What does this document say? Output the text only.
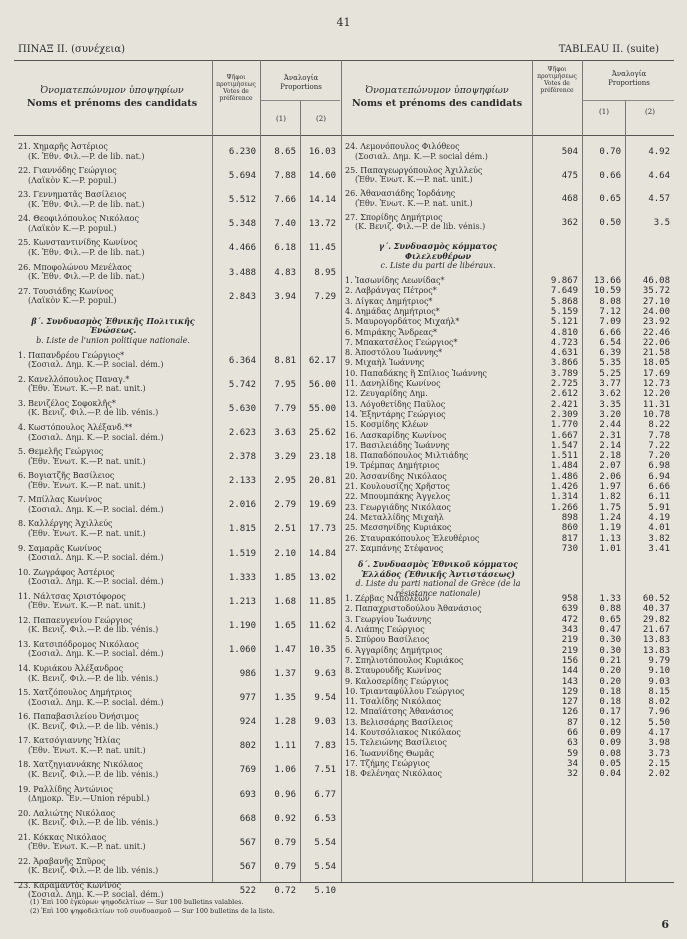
41
ΠΙΝΑΞ II. (συνέχεια)	TABLEAU II. (suite)
Ὀνοματεπώνυμον ὑποψηφίων
Noms et prénoms des candidats
Ψῆφοι προτιμήσεως
Votes de préférence
Ἀναλογία
Proportions
(1)	(2)
Ὀνοματεπώνυμον ὑποψηφίων
Noms et prénoms des candidats
Ψῆφοι προτιμήσεως
Votes de préférence
Ἀναλογία
Proportions
(1)	(2)
(1) Ἐπὶ 100 ἐγκύρων ψηφοδελτίων — Sur 100 bulletins valables.
(2) Ἐπὶ 100 ψηφοδελτίων τοῦ συνδυασμοῦ — Sur 100 bulletins de la liste.
6
21. Χημαρῆς Ἀστέριος
(Κ. Ἐθν. Φιλ.—P. de lib. nat.)	6.230	8.65	16.03
22. Γιαννόδης Γεώργιος
(Λαϊκὸν Κ.—P. popul.)	5.694	7.88	14.60
23. Γεννηματᾶς Βασίλειος
(Κ. Ἐθν. Φιλ.—P. de lib. nat.)	5.512	7.66	14.14
24. Θεοφιλόπουλος Νικόλαος
(Λαϊκὸν Κ.—P. popul.)	5.348	7.40	13.72
25. Κωνσταντινίδης Κωνίνος
(Κ. Ἐθν. Φιλ.—P. de lib. nat.)	4.466	6.18	11.45
26. Μποφολώνου Μενέλαος
(Κ. Ἐθν. Φιλ.—P. de lib. nat.)	3.488	4.83	8.95
27. Τουσιάδης Κωνίνος
(Λαϊκὸν Κ.—P. popul.)	2.843	3.94	7.29
β΄. Συνδυασμὸς Ἐθνικῆς Πολιτικῆς Ἑνώσεως.
b. Liste de l'union politique nationale.
1. Παπανδρέου Γεώργιος*
(Σοσιαλ. Δημ. Κ.—P. social. dém.)	6.364	8.81	62.17
2. Κανελλόπουλος Παναγ.*
(Ἐθν. Ἑνωτ. Κ.—P. nat. unit.)	5.742	7.95	56.00
3. Βενιζέλος Σοφοκλῆς*
(Κ. Βενιζ. Φιλ.—P. de lib. vénis.)	5.630	7.79	55.00
4. Κωστόπουλος Ἀλέξανδ.**
(Σοσιαλ. Δημ. Κ.—P. social. dém.)	2.623	3.63	25.62
5. Θεμελῆς Γεώργιος
(Ἐθν. Ἑνωτ. Κ.—P. nat. unit.)	2.378	3.29	23.18
6. Βογιατζῆς Βασίλειος
(Ἐθν. Ἑνωτ. Κ.—P. nat. unit.)	2.133	2.95	20.81
7. Μπίλλας Κωνίνος
(Σοσιαλ. Δημ. Κ.—P. social. dém.)	2.016	2.79	19.69
8. Καλλέργης Ἀχιλλεύς
(Ἐθν. Ἑνωτ. Κ.—P. nat. unit.)	1.815	2.51	17.73
9. Σαμαρᾶς Κωνίνος
(Σοσιαλ. Δημ. Κ.—P. social. dém.)	1.519	2.10	14.84
10. Ζωγράφος Ἀστέριος
(Σοσιαλ. Δημ. Κ.—P. social. dém.)	1.333	1.85	13.02
11. Νάλτσας Χριστόφορος
(Ἐθν. Ἑνωτ. Κ.—P. nat. unit.)	1.213	1.68	11.85
12. Παπαευγενίου Γεώργιος
(Κ. Βενιζ. Φιλ.—P. de lib. vénis.)	1.190	1.65	11.62
13. Κατσιπόδρομος Νικόλαος
(Σοσιαλ. Δημ. Κ.—P. social. dém.)	1.060	1.47	10.35
14. Κυριάκου Ἀλέξανδρος
(Κ. Βενιζ. Φιλ.—P. de lib. vénis.)	986	1.37	9.63
15. Χατζόπουλος Δημήτριος
(Σοσιαλ. Δημ. Κ.—P. social. dém.)	977	1.35	9.54
16. Παπαβασιλείου Ὀνήσιμος
(Κ. Βενιζ. Φιλ.—P. de lib. vénis.)	924	1.28	9.03
17. Κατσόγιαννης Ἠλίας
(Ἐθν. Ἑνωτ. Κ.—P. nat. unit.)	802	1.11	7.83
18. Χατζηγιαννάκης Νικόλαος
(Κ. Βενιζ. Φιλ.—P. de lib. vénis.)	769	1.06	7.51
19. Ραλλίδης Ἀντώνιος
(Δημοκρ. Ἕν.—Union républ.)	693	0.96	6.77
20. Λαλιώτης Νικόλαος
(Κ. Βενιζ. Φιλ.—P. de lib. vénis.)	668	0.92	6.53
21. Κόκκας Νικόλαος
(Ἐθν. Ἑνωτ. Κ.—P. nat. unit.)	567	0.79	5.54
22. Ἀραβανῆς Σπῦρος
(Κ. Βενιζ. Φιλ.—P. de lib. vénis.)	567	0.79	5.54
23. Καραμαντὸς Κωνίνος
(Σοσιαλ. Δημ. Κ.—P. social. dém.)	522	0.72	5.10
24. Λεμονόπουλος Φιλόθεος
(Σοσιαλ. Δημ. Κ.—P. social dém.)	504	0.70	4.92
25. Παπαγεωργόπουλος Ἀχιλλεύς
(Ἐθν. Ἑνωτ. Κ.—P. nat. unit.)	475	0.66	4.64
26. Ἀθανασιάδης Ἰορδάνης
(Ἐθν. Ἑνωτ. Κ.—P. nat. unit.)	468	0.65	4.57
27. Σπορίδης Δημήτριος
(Κ. Βενιζ. Φιλ.—P. de lib. vénis.)	362	0.50	3.5
γ΄. Συνδυασμὸς κόμματος Φιλελευθέρων
c. Liste du parti de libéraux.
1. Ἰασωνίδης Λεωνίδας*	9.867	13.66	46.08
2. Λαβράνγας Πέτρος*	7.649	10.59	35.72
3. Δίγκας Δημήτριος*	5.868	8.08	27.10
4. Δημάδας Δημήτριος*	5.159	7.12	24.00
5. Μαυρογορδάτος Μιχαήλ*	5.121	7.09	23.92
6. Μπιράκης Ἄνδρεας*	4.810	6.66	22.46
7. Μπακατσέλος Γεώργιος*	4.723	6.54	22.06
8. Ἀποστόλου Ἰωάννης*	4.631	6.39	21.58
9. Μιχαὴλ Ἰωάννης	3.866	5.35	18.05
10. Παπαδάκης ἢ Σπίλιος Ἰωάννης	3.789	5.25	17.69
11. Δανηλίδης Κωνίνος	2.725	3.77	12.73
12. Ζευγαρίδης Δημ.	2.612	3.62	12.20
13. Λόγοθετίδης Παῦλος	2.421	3.35	11.31
14. Ἐξηντάρης Γεώργιος	2.309	3.20	10.78
15. Κοσμίδης Κλέων	1.770	2.44	8.22
16. Λασκαρίδης Κωνίνος	1.667	2.31	7.78
17. Βασιλειάδης Ἰωάννης	1.547	2.14	7.22
18. Παπαδόπουλος Μιλτιάδης	1.511	2.18	7.20
19. Τρέμπας Δημήτριος	1.484	2.07	6.98
20. Ἀσσανίδης Νικόλαος	1.486	2.06	6.94
21. Κουλουσίζης Χρῆστος	1.426	1.97	6.66
22. Μπουμπάκης Ἀγγελος	1.314	1.82	6.11
23. Γεωργιάδης Νικόλαος	1.266	1.75	5.91
24. Μεταλλίδης Μιχαὴλ	898	1.24	4.19
25. Μεσσηνίδης Κυριάκος	860	1.19	4.01
26. Σταυρακόπουλος Ἐλευθέριος	817	1.13	3.82
27. Σαμπάνης Στέφανος	730	1.01	3.41
δ΄. Συνδυασμὸς Ἐθνικοῦ κόμματος Ἑλλάδος (Ἐθνικῆς Ἀντιστάσεως)
d. Liste du parti national de Grèce (de la résistance nationale)
1. Ζέρβας Ναπολέων	958	1.33	60.52
2. Παπαχριστοδούλου Ἀθανάσιος	639	0.88	40.37
3. Γεωργίου Ἰωάννης	472	0.65	29.82
4. Λιάπης Γεώργιος	343	0.47	21.67
5. Σπύρου Βασίλειος	219	0.30	13.83
6. Ἀγγαρίδης Δημήτριος	219	0.30	13.83
7. Σπηλιοτόπουλος Κυριάκος	156	0.21	9.79
8. Σταυρουδῆς Κωνίνος	144	0.20	9.10
9. Καλοσερίδης Γεώργιος	143	0.20	9.03
10. Τριανταφύλλου Γεώργιος	129	0.18	8.15
11. Τσαλίδης Νικόλαος	127	0.18	8.02
12. Μπαϊάτσης Ἀθανάσιος	126	0.17	7.96
13. Βελισσάρης Βασίλειος	87	0.12	5.50
14. Κουτσόλιακος Νικόλαος	66	0.09	4.17
15. Τελειώνης Βασίλειος	63	0.09	3.98
16. Ἰωαννίδης Θωμᾶς	59	0.08	3.73
17. Τζήμης Γεώργιος	34	0.05	2.15
18. Φελένηας Νικόλαος	32	0.04	2.02
